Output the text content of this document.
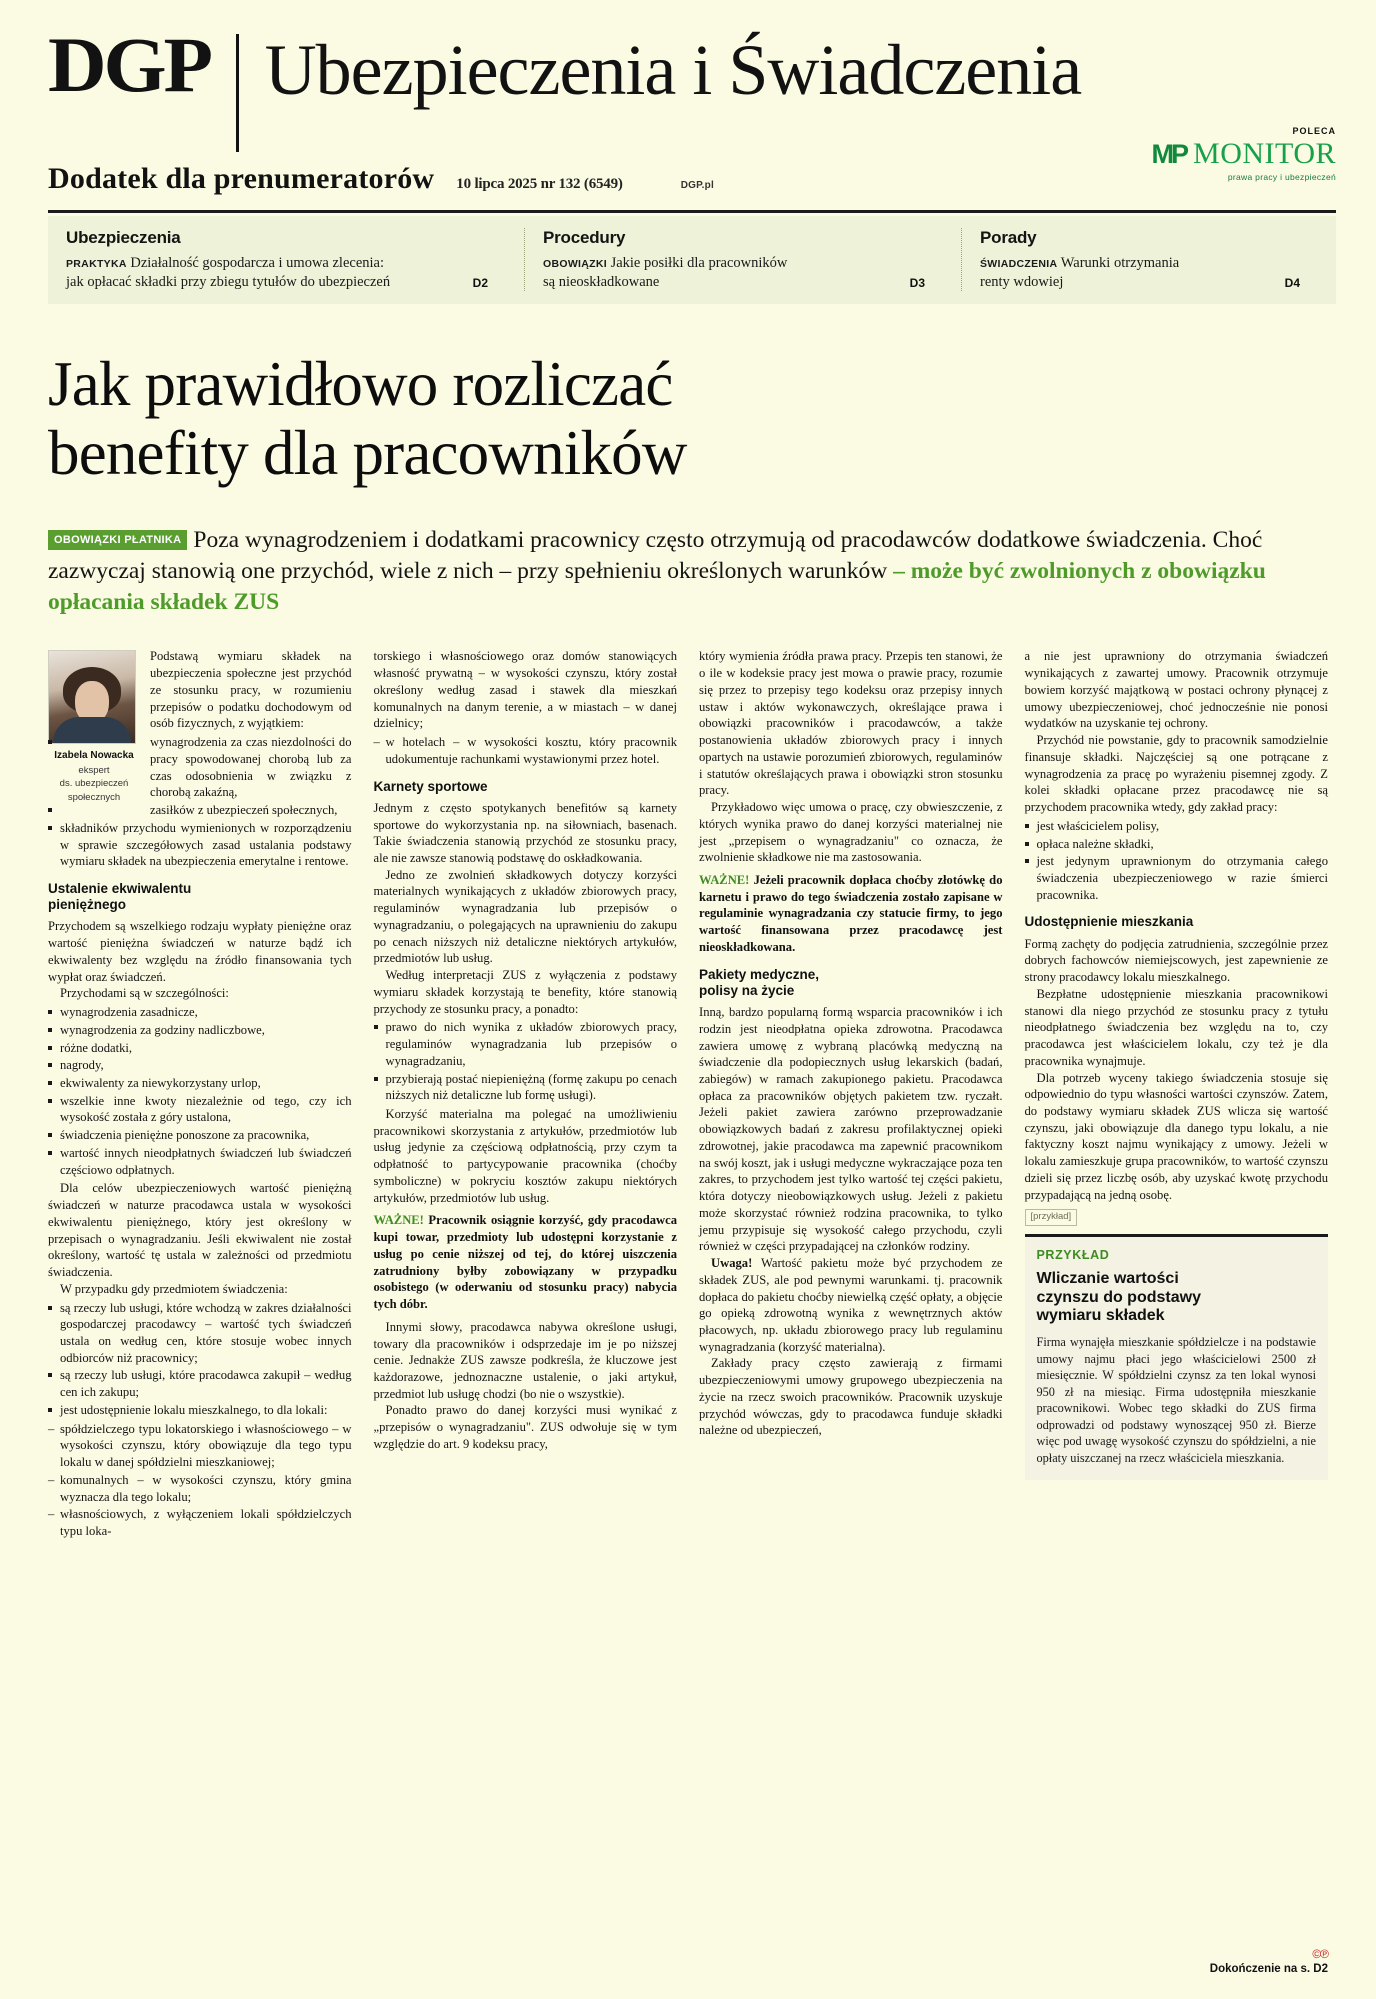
DGP Ubezpieczenia i Świadczenia
Dodatek dla prenumeratorów 10 lipca 2025 nr 132 (6549)	DGP.pl
POLECA
MP MONITOR
prawa pracy i ubezpieczeń
Ubezpieczenia
PRAKTYKA Działalność gospodarcza i umowa zlecenia:
jak opłacać składki przy zbiegu tytułów do ubezpieczeń	D2
Procedury
OBOWIĄZKI Jakie posiłki dla pracowników
są nieoskładkowane	D3
Porady
ŚWIADCZENIA Warunki otrzymania
renty wdowiej	D4
Jak prawidłowo rozliczać
benefity dla pracowników
OBOWIĄZKI PŁATNIKA Poza wynagrodzeniem i dodatkami pracownicy często otrzymują od pracodawców dodatkowe świadczenia. Choć zazwyczaj stanowią one przychód, wiele z nich – przy spełnieniu określonych warunków – może być zwolnionych z obowiązku opłacania składek ZUS
Izabela Nowacka
ekspert
ds. ubezpieczeń
społecznych

Podstawą wymiaru składek na ubezpieczenia społeczne jest przychód ze stosunku pracy, w rozumieniu przepisów o podatku dochodowym od osób fizycznych, z wyjątkiem:

wynagrodzenia za czas niezdolności do pracy spowodowanej chorobą lub za czas odosobnienia w związku z chorobą zakaźną,
zasiłków z ubezpieczeń społecznych,
składników przychodu wymienionych w rozporządzeniu w sprawie szczegółowych zasad ustalania podstawy wymiaru składek na ubezpieczenia emerytalne i rentowe.
Ustalenie ekwiwalentu
pieniężnego

Przychodem są wszelkiego rodzaju wypłaty pieniężne oraz wartość pieniężna świadczeń w naturze bądź ich ekwiwalenty bez względu na źródło finansowania tych wypłat oraz świadczeń.

Przychodami są w szczególności:

wynagrodzenia zasadnicze,
wynagrodzenia za godziny nadliczbowe,
różne dodatki,
nagrody,
ekwiwalenty za niewykorzystany urlop,
wszelkie inne kwoty niezależnie od tego, czy ich wysokość została z góry ustalona,
świadczenia pieniężne ponoszone za pracownika,
wartość innych nieodpłatnych świadczeń lub świadczeń częściowo odpłatnych.

Dla celów ubezpieczeniowych wartość pieniężną świadczeń w naturze pracodawca ustala w wysokości ekwiwalentu pieniężnego, który jest określony w przepisach o wynagradzaniu. Jeśli ekwiwalent nie został określony, wartość tę ustala w zależności od przedmiotu świadczenia.

W przypadku gdy przedmiotem świadczenia:

są rzeczy lub usługi, które wchodzą w zakres działalności gospodarczej pracodawcy – wartość tych świadczeń ustala on według cen, które stosuje wobec innych odbiorców niż pracownicy;
są rzeczy lub usługi, które pracodawca zakupił – według cen ich zakupu;
jest udostępnienie lokalu mieszkalnego, to dla lokali:
– spółdzielczego typu lokatorskiego i własnościowego – w wysokości czynszu, który obowiązuje dla tego typu lokalu w danej spółdzielni mieszkaniowej;
– komunalnych – w wysokości czynszu, który gmina wyznacza dla tego lokalu;
– własnościowych, z wyłączeniem lokali spółdzielczych typu loka-

torskiego i własnościowego oraz domów stanowiących własność prywatną – w wysokości czynszu, który został określony według zasad i stawek dla mieszkań komunalnych na danym terenie, a w miastach – w danej dzielnicy;

– w hotelach – w wysokości kosztu, który pracownik udokumentuje rachunkami wystawionymi przez hotel.
Karnety sportowe

Jednym z często spotykanych benefitów są karnety sportowe do wykorzystania np. na siłowniach, basenach. Takie świadczenia stanowią przychód ze stosunku pracy, ale nie zawsze stanowią podstawę do oskładkowania.

Jedno ze zwolnień składkowych dotyczy korzyści materialnych wynikających z układów zbiorowych pracy, regulaminów wynagradzania lub przepisów o wynagradzaniu, o polegających na uprawnieniu do zakupu po cenach niższych niż detaliczne niektórych artykułów, przedmiotów lub usług.

Według interpretacji ZUS z wyłączenia z podstawy wymiaru składek korzystają te benefity, które stanowią przychody ze stosunku pracy, a ponadto:

prawo do nich wynika z układów zbiorowych pracy, regulaminów wynagradzania lub przepisów o wynagradzaniu,
przybierają postać niepieniężną (formę zakupu po cenach niższych niż detaliczne lub formę usługi).

Korzyść materialna ma polegać na umożliwieniu pracownikowi skorzystania z artykułów, przedmiotów lub usług jedynie za częściową odpłatnością, przy czym ta odpłatność to partycypowanie pracownika (choćby symboliczne) w pokryciu kosztów zakupu niektórych artykułów, przedmiotów lub usług.

WAŻNE! Pracownik osiągnie korzyść, gdy pracodawca kupi towar, przedmioty lub udostępni korzystanie z usług po cenie niższej od tej, do której uiszczenia zatrudniony byłby zobowiązany w przypadku osobistego (w oderwaniu od stosunku pracy) nabycia tych dóbr.

Innymi słowy, pracodawca nabywa określone usługi, towary dla pracowników i odsprzedaje im je po niższej cenie. Jednakże ZUS zawsze podkreśla, że kluczowe jest każdorazowe, jednoznaczne ustalenie, o jaki artykuł, przedmiot lub usługę chodzi (bo nie o wszystkie).

Ponadto prawo do danej korzyści musi wynikać z „przepisów o wynagradzaniu". ZUS odwołuje się w tym względzie do art. 9 kodeksu pracy,

który wymienia źródła prawa pracy. Przepis ten stanowi, że o ile w kodeksie pracy jest mowa o prawie pracy, rozumie się przez to przepisy tego kodeksu oraz przepisy innych ustaw i aktów wykonawczych, określające prawa i obowiązki pracowników i pracodawców, a także postanowienia układów zbiorowych pracy i innych opartych na ustawie porozumień zbiorowych, regulaminów i statutów określających prawa i obowiązki stron stosunku pracy.

Przykładowo więc umowa o pracę, czy obwieszczenie, z których wynika prawo do danej korzyści materialnej nie jest „przepisem o wynagradzaniu" co oznacza, że zwolnienie składkowe nie ma zastosowania.

WAŻNE! Jeżeli pracownik dopłaca choćby złotówkę do karnetu i prawo do tego świadczenia zostało zapisane w regulaminie wynagradzania czy statucie firmy, to jego wartość finansowana przez pracodawcę jest nieoskładkowana.

Pakiety medyczne,
polisy na życie

Inną, bardzo popularną formą wsparcia pracowników i ich rodzin jest nieodpłatna opieka zdrowotna. Pracodawca zawiera umowę z wybraną placówką medyczną na świadczenie dla podopiecznych usług lekarskich (badań, zabiegów) w ramach zakupionego pakietu. Pracodawca opłaca za pracowników objętych pakietem tzw. ryczałt. Jeżeli pakiet zawiera zarówno przeprowadzanie obowiązkowych badań z zakresu profilaktycznej opieki zdrowotnej, jakie pracodawca ma zapewnić pracownikom na swój koszt, jak i usługi medyczne wykraczające poza ten zakres, to przychodem jest tylko wartość tej części pakietu, która dotyczy nieobowiązkowych usług. Jeżeli z pakietu może skorzystać również rodzina pracownika, to tylko jemu przypisuje się wysokość całego przychodu, czyli również w części przypadającej na członków rodziny.

Uwaga! Wartość pakietu może być przychodem ze składek ZUS, ale pod pewnymi warunkami. tj. pracownik dopłaca do pakietu choćby niewielką część opłaty, a objęcie go opieką zdrowotną wynika z wewnętrznych aktów płacowych, np. układu zbiorowego pracy lub regulaminu wynagradzania (korzyść materialna).

Zakłady pracy często zawierają z firmami ubezpieczeniowymi umowy grupowego ubezpieczenia na życie na rzecz swoich pracowników. Pracownik uzyskuje przychód wówczas, gdy to pracodawca funduje składki należne od ubezpieczeń,

a nie jest uprawniony do otrzymania świadczeń wynikających z zawartej umowy. Pracownik otrzymuje bowiem korzyść majątkową w postaci ochrony płynącej z umowy ubezpieczeniowej, choć jednocześnie nie ponosi wydatków na uzyskanie tej ochrony.

Przychód nie powstanie, gdy to pracownik samodzielnie finansuje składki. Najczęściej są one potrącane z wynagrodzenia za pracę po wyrażeniu pisemnej zgody. Z kolei składki opłacane przez pracodawcę nie są przychodem pracownika wtedy, gdy zakład pracy:

jest właścicielem polisy,
opłaca należne składki,
jest jedynym uprawnionym do otrzymania całego świadczenia ubezpieczeniowego w razie śmierci pracownika.
Udostępnienie mieszkania

Formą zachęty do podjęcia zatrudnienia, szczególnie przez dobrych fachowców niemiejscowych, jest zapewnienie ze strony pracodawcy lokalu mieszkalnego.

Bezpłatne udostępnienie mieszkania pracownikowi stanowi dla niego przychód ze stosunku pracy z tytułu nieodpłatnego świadczenia bez względu na to, czy pracodawca jest właścicielem lokalu, czy też je dla pracownika wynajmuje.

Dla potrzeb wyceny takiego świadczenia stosuje się odpowiednio do typu własności wartości czynszów. Zatem, do podstawy wymiaru składek ZUS wlicza się wartość czynszu, jaki obowiązuje dla danego typu lokalu, a nie faktyczny koszt najmu wynikający z umowy. Jeżeli w lokalu zamieszkuje grupa pracowników, to wartość czynszu dzieli się przez liczbę osób, aby uzyskać kwotę przychodu przypadającą na jedną osobę.

[przykład]
PRZYKŁAD
Wliczanie wartości
czynszu do podstawy
wymiaru składek
Firma wynajęła mieszkanie spółdzielcze i na podstawie umowy najmu płaci jego właścicielowi 2500 zł miesięcznie. W spółdzielni czynsz za ten lokal wynosi 950 zł na miesiąc. Firma udostępniła mieszkanie pracownikowi. Wobec tego składki do ZUS firma odprowadzi od podstawy wynoszącej 950 zł. Bierze więc pod uwagę wysokość czynszu do spółdzielni, a nie opłaty uiszczanej na rzecz właściciela mieszkania.
©℗
Dokończenie na s. D2
